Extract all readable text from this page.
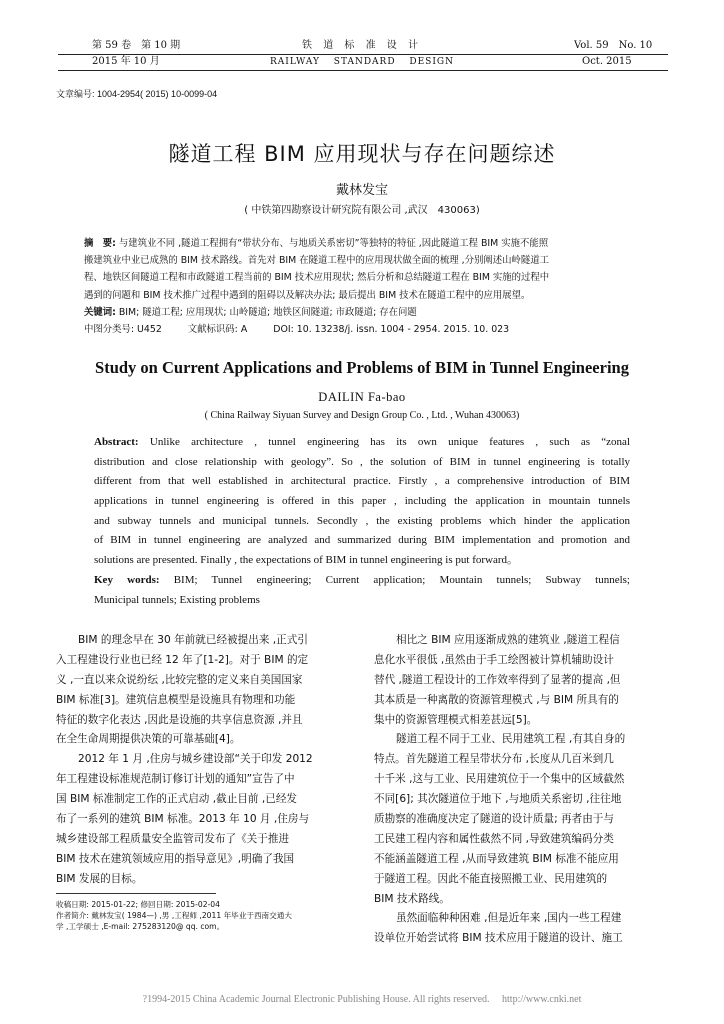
第 59 卷　第 10 期
2015 年 10 月
铁 道 标 准 设 计
RAILWAY　 STANDARD 　DESIGN
Vol. 59　No. 10
Oct. 2015
文章编号: 1004-2954( 2015) 10-0099-04
隧道工程 BIM 应用现状与存在问题综述
戴林发宝
( 中铁第四勘察设计研究院有限公司 ,武汉　430063)
摘　要: 与建筑业不同 ,隧道工程拥有“带状分布、与地质关系密切”等独特的特征 ,因此隧道工程 BIM 实施不能照
搬建筑业中业已成熟的 BIM 技术路线。首先对 BIM 在隧道工程中的应用现状做全面的梳理 ,分别阐述山岭隧道工
程、地铁区间隧道工程和市政隧道工程当前的 BIM 技术应用现状; 然后分析和总结隧道工程在 BIM 实施的过程中
遇到的问题和 BIM 技术推广过程中遇到的阻碍以及解决办法; 最后提出 BIM 技术在隧道工程中的应用展望。
关键词: BIM; 隧道工程; 应用现状; 山岭隧道; 地铁区间隧道; 市政隧道; 存在问题
中图分类号: U452	文献标识码: A	DOI: 10. 13238/j. issn. 1004 - 2954. 2015. 10. 023
Study on Current Applications and Problems of BIM in Tunnel Engineering
DAILIN Fa-bao
( China Railway Siyuan Survey and Design Group Co. , Ltd. , Wuhan 430063)
Abstract: Unlike architecture , tunnel engineering has its own unique features , such as “zonal
distribution and close relationship with geology”. So , the solution of BIM in tunnel engineering is totally
different from that well established in architectural practice. Firstly , a comprehensive introduction of BIM
applications in tunnel engineering is offered in this paper , including the application in mountain tunnels
and subway tunnels and municipal tunnels. Secondly , the existing problems which hinder the application
of BIM in tunnel engineering are analyzed and summarized during BIM implementation and promotion and
solutions are presented. Finally , the expectations of BIM in tunnel engineering is put forward。
Key words: BIM; Tunnel engineering; Current application; Mountain tunnels; Subway tunnels;
Municipal tunnels; Existing problems
BIM 的理念早在 30 年前就已经被提出来 ,正式引
入工程建设行业也已经 12 年了[1-2]。对于 BIM 的定
义 ,一直以来众说纷纭 ,比较完整的定义来自美国国家
BIM 标准[3]。建筑信息模型是设施具有物理和功能
特征的数字化表达 ,因此是设施的共享信息资源 ,并且
在全生命周期提供决策的可靠基础[4]。
2012 年 1 月 ,住房与城乡建设部“关于印发 2012
年工程建设标准规范制订修订计划的通知”宣告了中
国 BIM 标准制定工作的正式启动 ,截止目前 ,已经发
布了一系列的建筑 BIM 标准。2013 年 10 月 ,住房与
城乡建设部工程质量安全监管司发布了《关于推进
BIM 技术在建筑领域应用的指导意见》,明确了我国
BIM 发展的目标。
相比之 BIM 应用逐渐成熟的建筑业 ,隧道工程信
息化水平很低 ,虽然由于手工绘图被计算机辅助设计
替代 ,隧道工程设计的工作效率得到了显著的提高 ,但
其本质是一种离散的资源管理模式 ,与 BIM 所具有的
集中的资源管理模式相差甚远[5]。
隧道工程不同于工业、民用建筑工程 ,有其自身的
特点。首先隧道工程呈带状分布 ,长度从几百米到几
十千米 ,这与工业、民用建筑位于一个集中的区域截然
不同[6]; 其次隧道位于地下 ,与地质关系密切 ,往往地
质勘察的准确度决定了隧道的设计质量; 再者由于与
工民建工程内容和属性截然不同 ,导致建筑编码分类
不能涵盖隧道工程 ,从而导致建筑 BIM 标准不能应用
于隧道工程。因此不能直接照搬工业、民用建筑的
BIM 技术路线。
虽然面临种种困难 ,但是近年来 ,国内一些工程建
设单位开始尝试将 BIM 技术应用于隧道的设计、施工
收稿日期: 2015-01-22; 修回日期: 2015-02-04
作者简介: 戴林发宝( 1984—) ,男 ,工程师 ,2011 年毕业于西南交通大
学 ,工学硕士 ,E-mail: 275283120@ qq. com。
?1994-2015 China Academic Journal Electronic Publishing House. All rights reserved.　 http://www.cnki.net
